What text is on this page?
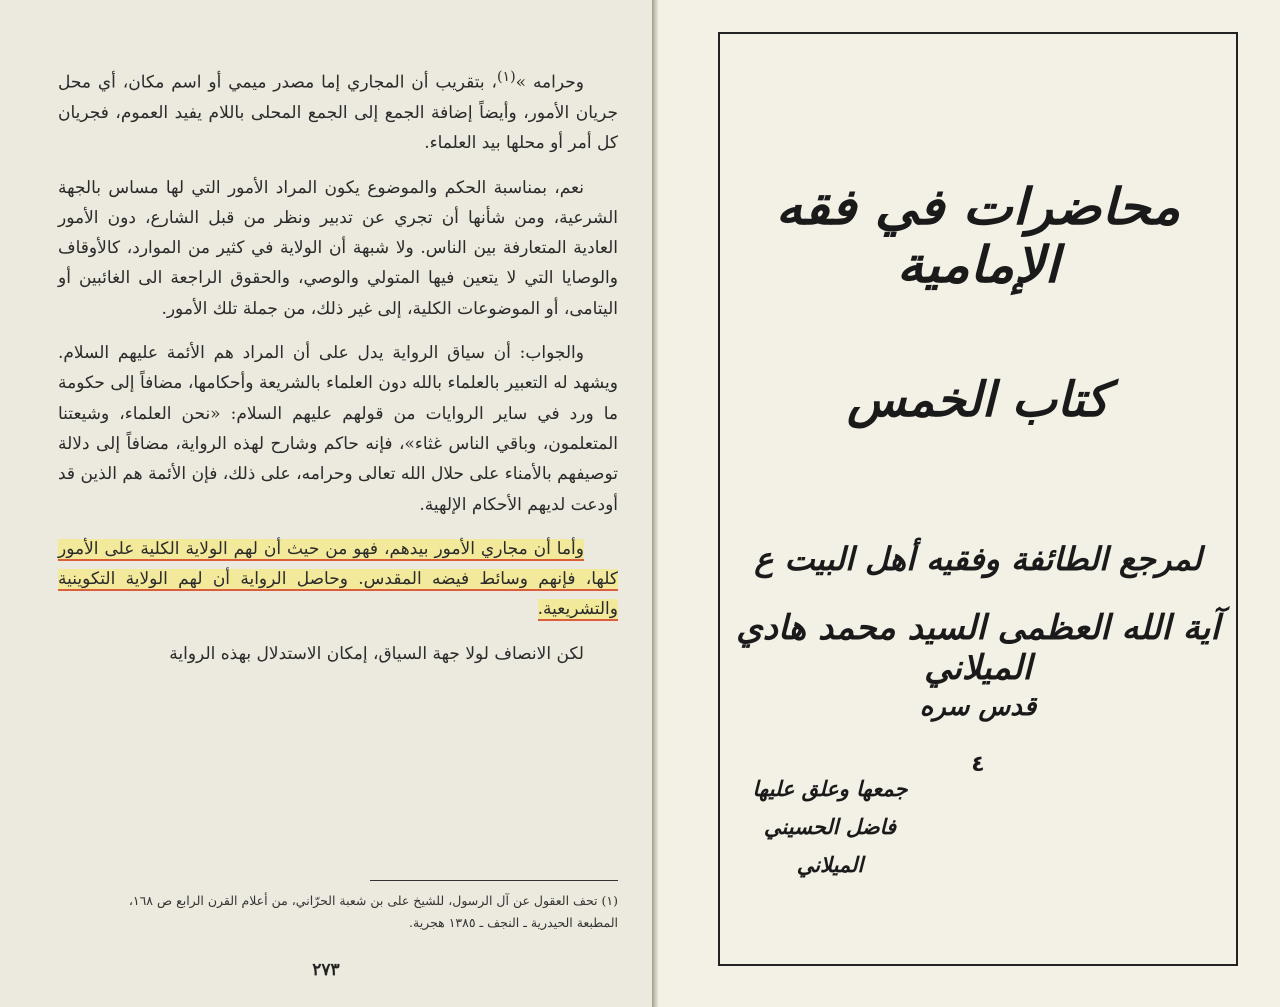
وحرامه »$^{(١)}$، بتقريب أن المجاري إما مصدر ميمي أو اسم مكان، أي محل جريان الأمور، وأيضاً إضافة الجمع إلى الجمع المحلى باللام يفيد العموم، فجريان كل أمر أو محلها بيد العلماء.

نعم، بمناسبة الحكم والموضوع يكون المراد الأمور التي لها مساس بالجهة الشرعية، ومن شأنها أن تجري عن تدبير ونظر من قبل الشارع، دون الأمور العادية المتعارفة بين الناس. ولا شبهة أن الولاية في كثير من الموارد، كالأوقاف والوصايا التي لا يتعين فيها المتولي والوصي، والحقوق الراجعة الى الغائبين أو اليتامى، أو الموضوعات الكلية، إلى غير ذلك، من جملة تلك الأمور.

والجواب: أن سياق الرواية يدل على أن المراد هم الأئمة عليهم السلام. ويشهد له التعبير بالعلماء بالله دون العلماء بالشريعة وأحكامها، مضافاً إلى حكومة ما ورد في ساير الروايات من قولهم عليهم السلام: «نحن العلماء، وشيعتنا المتعلمون، وباقي الناس غثاء»، فإنه حاكم وشارح لهذه الرواية، مضافاً إلى دلالة توصيفهم بالأمناء على حلال الله تعالى وحرامه، على ذلك، فإن الأئمة هم الذين قد أودعت لديهم الأحكام الإلهية.

وأما أن مجاري الأمور بيدهم، فهو من حيث أن لهم الولاية الكلية على الأمور كلها، فإنهم وسائط فيضه المقدس. وحاصل الرواية أن لهم الولاية التكوينية والتشريعية.

لكن الانصاف لولا جهة السياق، إمكان الاستدلال بهذه الرواية

(١) تحف العقول عن آل الرسول، للشيخ على بن شعبة الحرّاني، من أعلام القرن الرابع ص ١٦٨،

المطبعة الحيدرية ـ النجف ـ ١٣٨٥ هجرية.

٢٧٣
محاضرات في فقه الإمامية
كتاب الخمس
لمرجع الطائفة وفقيه أهل البيت ع
آية الله العظمى السيد محمد هادي الميلاني
قدس سره
٤
جمعها وعلق عليها
فاضل الحسيني الميلاني
